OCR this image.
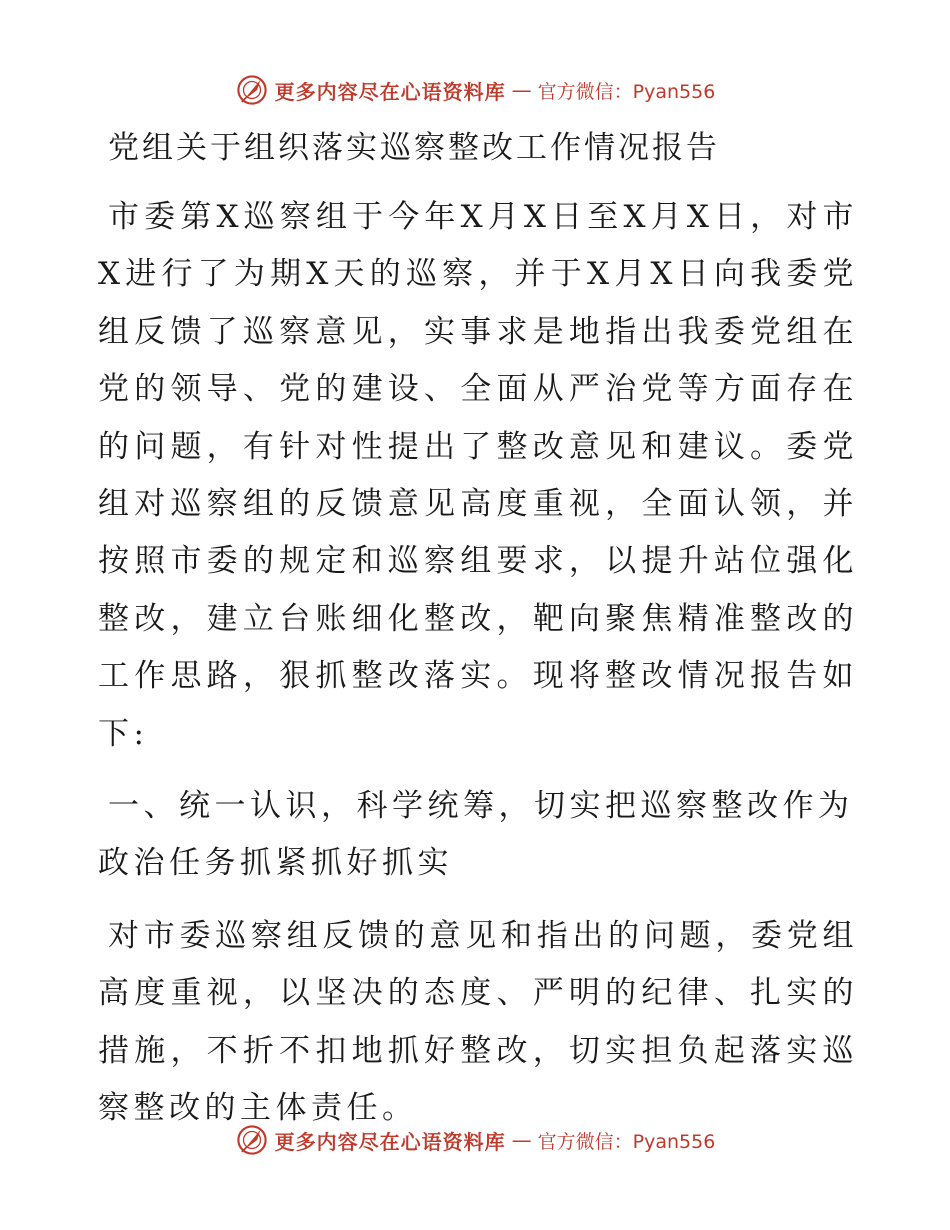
更多内容尽在心语资料库 — 官方微信：Pyan556
党组关于组织落实巡察整改工作情况报告

市委第X巡察组于今年X月X日至X月X日，对市X进行了为期X天的巡察，并于X月X日向我委党组反馈了巡察意见，实事求是地指出我委党组在党的领导、党的建设、全面从严治党等方面存在的问题，有针对性提出了整改意见和建议。委党组对巡察组的反馈意见高度重视，全面认领，并按照市委的规定和巡察组要求，以提升站位强化整改，建立台账细化整改，靶向聚焦精准整改的工作思路，狠抓整改落实。现将整改情况报告如下:

一、统一认识，科学统筹，切实把巡察整改作为政治任务抓紧抓好抓实

对市委巡察组反馈的意见和指出的问题，委党组高度重视，以坚决的态度、严明的纪律、扎实的措施，不折不扣地抓好整改，切实担负起落实巡察整改的主体责任。

更多内容尽在心语资料库 — 官方微信：Pyan556
